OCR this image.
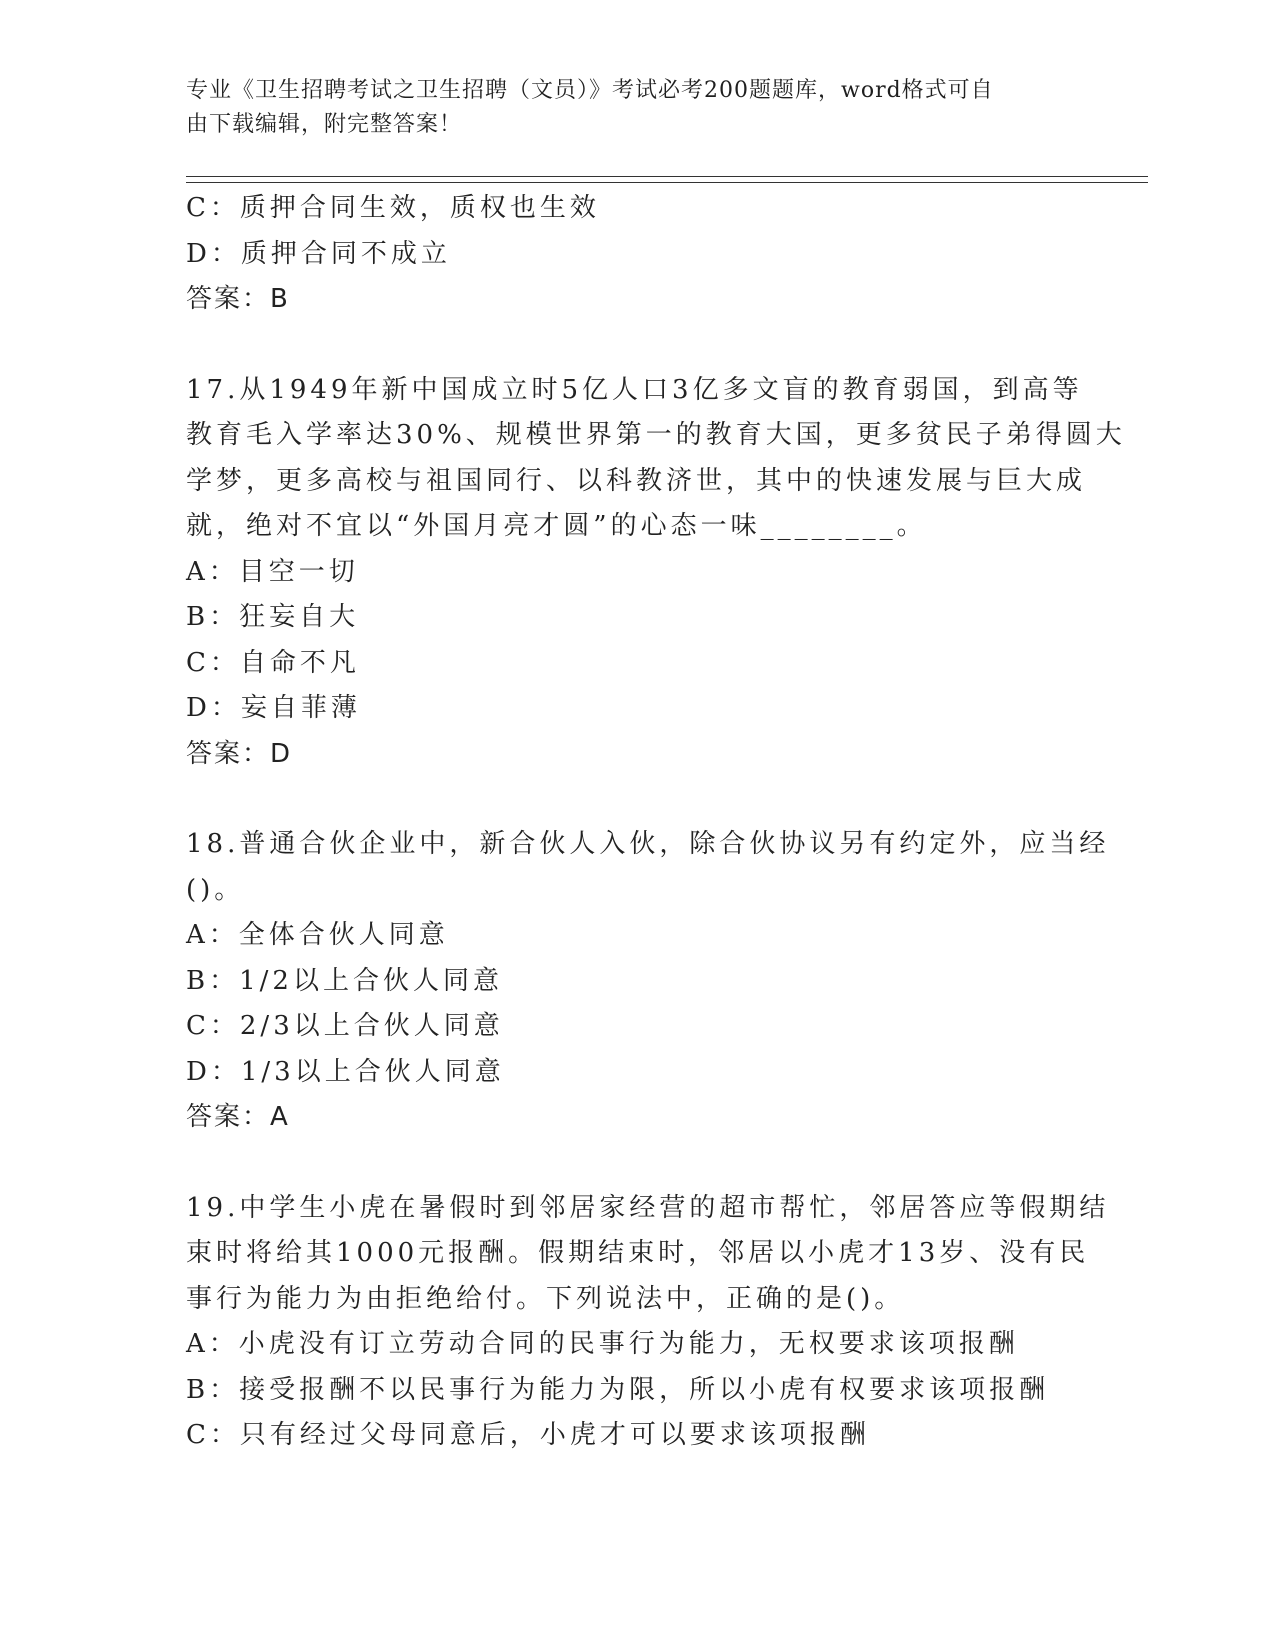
专业《卫生招聘考试之卫生招聘（文员）》考试必考200题题库，word格式可自
由下载编辑，附完整答案！
C：质押合同生效，质权也生效
D：质押合同不成立
答案：B
17.从1949年新中国成立时5亿人口3亿多文盲的教育弱国，到高等
教育毛入学率达30%、规模世界第一的教育大国，更多贫民子弟得圆大
学梦，更多高校与祖国同行、以科教济世，其中的快速发展与巨大成
就，绝对不宜以“外国月亮才圆”的心态一味________。
A：目空一切
B：狂妄自大
C：自命不凡
D：妄自菲薄
答案：D
18.普通合伙企业中，新合伙人入伙，除合伙协议另有约定外，应当经
()。
A：全体合伙人同意
B：1/2以上合伙人同意
C：2/3以上合伙人同意
D：1/3以上合伙人同意
答案：A
19.中学生小虎在暑假时到邻居家经营的超市帮忙，邻居答应等假期结
束时将给其1000元报酬。假期结束时，邻居以小虎才13岁、没有民
事行为能力为由拒绝给付。下列说法中，正确的是()。
A：小虎没有订立劳动合同的民事行为能力，无权要求该项报酬
B：接受报酬不以民事行为能力为限，所以小虎有权要求该项报酬
C：只有经过父母同意后，小虎才可以要求该项报酬
